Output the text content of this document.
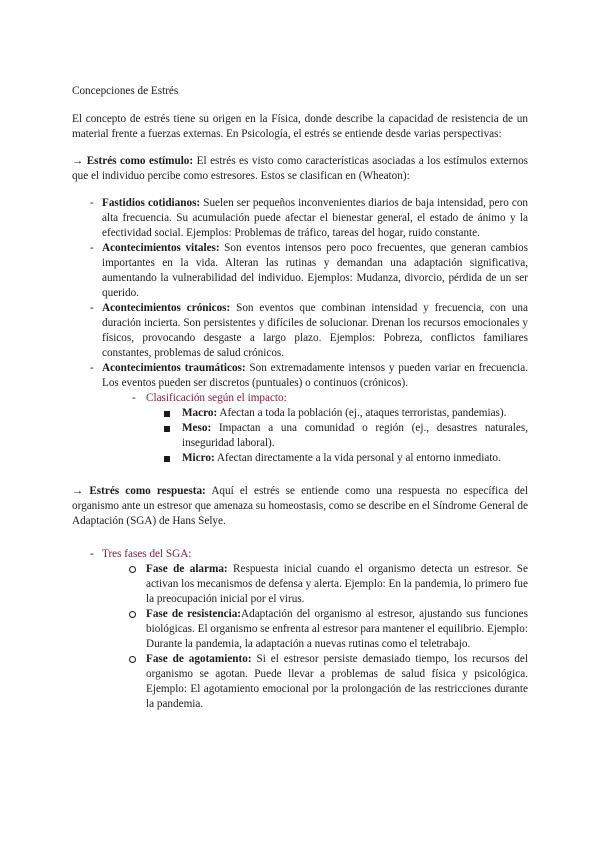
Concepciones de Estrés

El concepto de estrés tiene su origen en la Física, donde describe la capacidad de resistencia de un material frente a fuerzas externas. En Psicología, el estrés se entiende desde varias perspectivas:

→ Estrés como estímulo: El estrés es visto como características asociadas a los estímulos externos que el individuo percibe como estresores. Estos se clasifican en (Wheaton):

- Fastidios cotidianos: Suelen ser pequeños inconvenientes diarios de baja intensidad, pero con alta frecuencia. Su acumulación puede afectar el bienestar general, el estado de ánimo y la efectividad social. Ejemplos: Problemas de tráfico, tareas del hogar, ruido constante.
- Acontecimientos vitales: Son eventos intensos pero poco frecuentes, que generan cambios importantes en la vida. Alteran las rutinas y demandan una adaptación significativa, aumentando la vulnerabilidad del individuo. Ejemplos: Mudanza, divorcio, pérdida de un ser querido.
- Acontecimientos crónicos: Son eventos que combinan intensidad y frecuencia, con una duración incierta. Son persistentes y difíciles de solucionar. Drenan los recursos emocionales y físicos, provocando desgaste a largo plazo. Ejemplos: Pobreza, conflictos familiares constantes, problemas de salud crónicos.
- Acontecimientos traumáticos: Son extremadamente intensos y pueden variar en frecuencia. Los eventos pueden ser discretos (puntuales) o continuos (crónicos).
- Clasificación según el impacto:
Macro: Afectan a toda la población (ej., ataques terroristas, pandemias).
Meso: Impactan a una comunidad o región (ej., desastres naturales, inseguridad laboral).
Micro: Afectan directamente a la vida personal y al entorno inmediato.

→ Estrés como respuesta: Aquí el estrés se entiende como una respuesta no específica del organismo ante un estresor que amenaza su homeostasis, como se describe en el Síndrome General de Adaptación (SGA) de Hans Selye.

- Tres fases del SGA:
Fase de alarma: Respuesta inicial cuando el organismo detecta un estresor. Se activan los mecanismos de defensa y alerta. Ejemplo: En la pandemia, lo primero fue la preocupación inicial por el virus.
Fase de resistencia:Adaptación del organismo al estresor, ajustando sus funciones biológicas. El organismo se enfrenta al estresor para mantener el equilibrio. Ejemplo: Durante la pandemia, la adaptación a nuevas rutinas como el teletrabajo.
Fase de agotamiento: Si el estresor persiste demasiado tiempo, los recursos del organismo se agotan. Puede llevar a problemas de salud física y psicológica. Ejemplo: El agotamiento emocional por la prolongación de las restricciones durante la pandemia.
